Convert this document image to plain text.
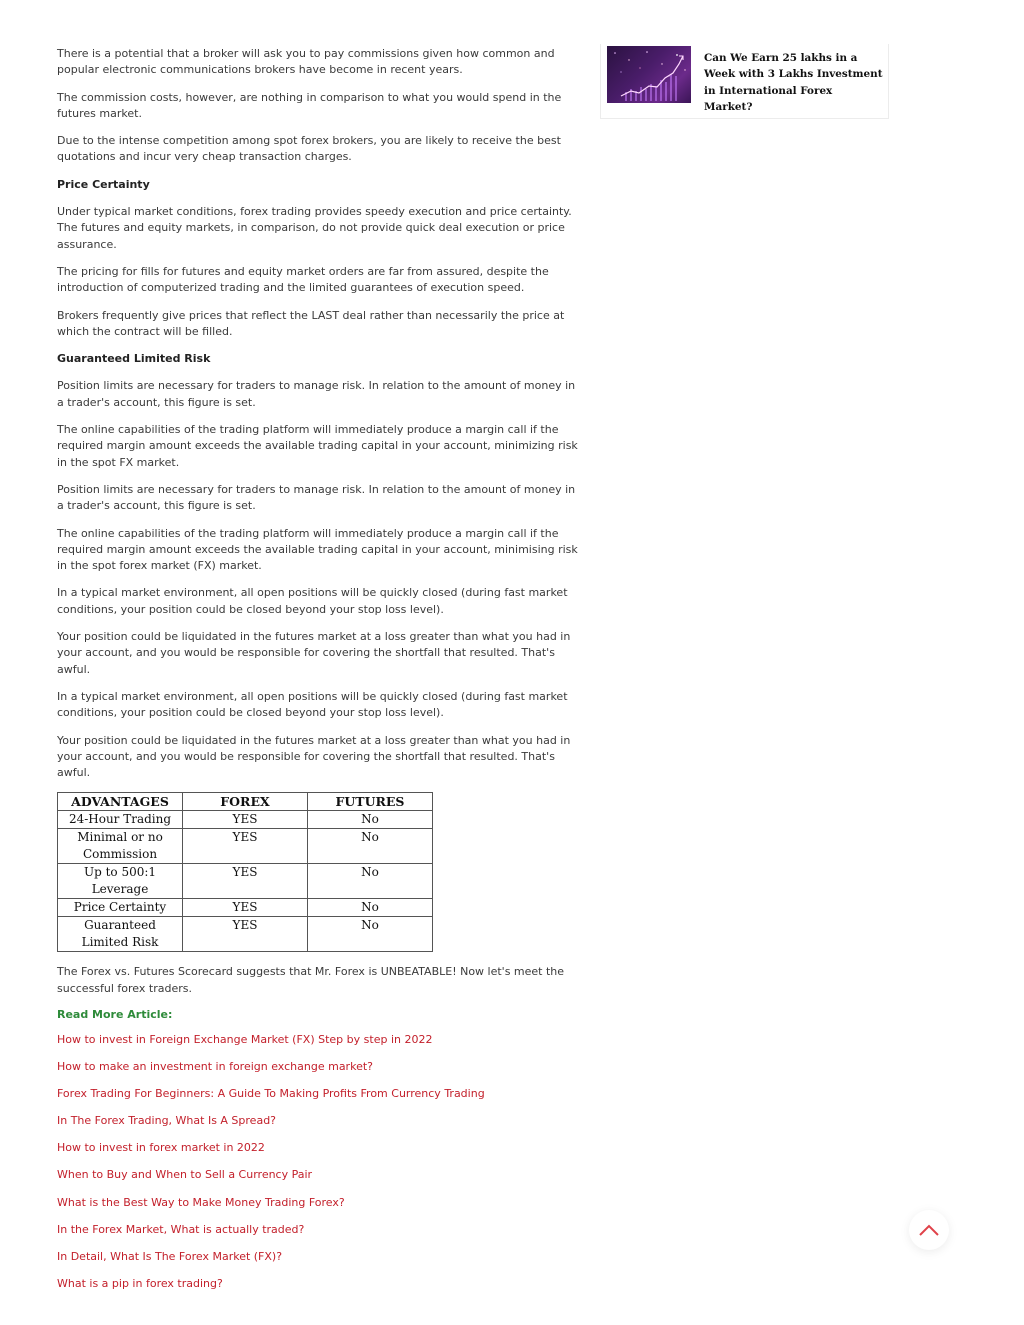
There is a potential that a broker will ask you to pay commissions given how common and popular electronic communications brokers have become in recent years.

The commission costs, however, are nothing in comparison to what you would spend in the futures market.

Due to the intense competition among spot forex brokers, you are likely to receive the best quotations and incur very cheap transaction charges.

Price Certainty

Under typical market conditions, forex trading provides speedy execution and price certainty. The futures and equity markets, in comparison, do not provide quick deal execution or price assurance.

The pricing for fills for futures and equity market orders are far from assured, despite the introduction of computerized trading and the limited guarantees of execution speed.

Brokers frequently give prices that reflect the LAST deal rather than necessarily the price at which the contract will be filled.

Guaranteed Limited Risk

Position limits are necessary for traders to manage risk. In relation to the amount of money in a trader's account, this figure is set.

The online capabilities of the trading platform will immediately produce a margin call if the required margin amount exceeds the available trading capital in your account, minimizing risk in the spot FX market.

Position limits are necessary for traders to manage risk. In relation to the amount of money in a trader's account, this figure is set.

The online capabilities of the trading platform will immediately produce a margin call if the required margin amount exceeds the available trading capital in your account, minimising risk in the spot forex market (FX) market.

In a typical market environment, all open positions will be quickly closed (during fast market conditions, your position could be closed beyond your stop loss level).

Your position could be liquidated in the futures market at a loss greater than what you had in your account, and you would be responsible for covering the shortfall that resulted. That's awful.

In a typical market environment, all open positions will be quickly closed (during fast market conditions, your position could be closed beyond your stop loss level).

Your position could be liquidated in the futures market at a loss greater than what you had in your account, and you would be responsible for covering the shortfall that resulted. That's awful.

ADVANTAGES	FOREX	FUTURES
24-Hour Trading	YES	No
Minimal or no Commission	YES	No
Up to 500:1 Leverage	YES	No
Price Certainty	YES	No
Guaranteed Limited Risk	YES	No

The Forex vs. Futures Scorecard suggests that Mr. Forex is UNBEATABLE! Now let's meet the successful forex traders.

Read More Article:
How to invest in Foreign Exchange Market (FX) Step by step in 2022
How to make an investment in foreign exchange market?
Forex Trading For Beginners: A Guide To Making Profits From Currency Trading
In The Forex Trading, What Is A Spread?
How to invest in forex market in 2022
When to Buy and When to Sell a Currency Pair
What is the Best Way to Make Money Trading Forex?
In the Forex Market, What is actually traded?
In Detail, What Is The Forex Market (FX)?
What is a pip in forex trading?
Can We Earn 25 lakhs in a Week with 3 Lakhs Investment in International Forex Market?
